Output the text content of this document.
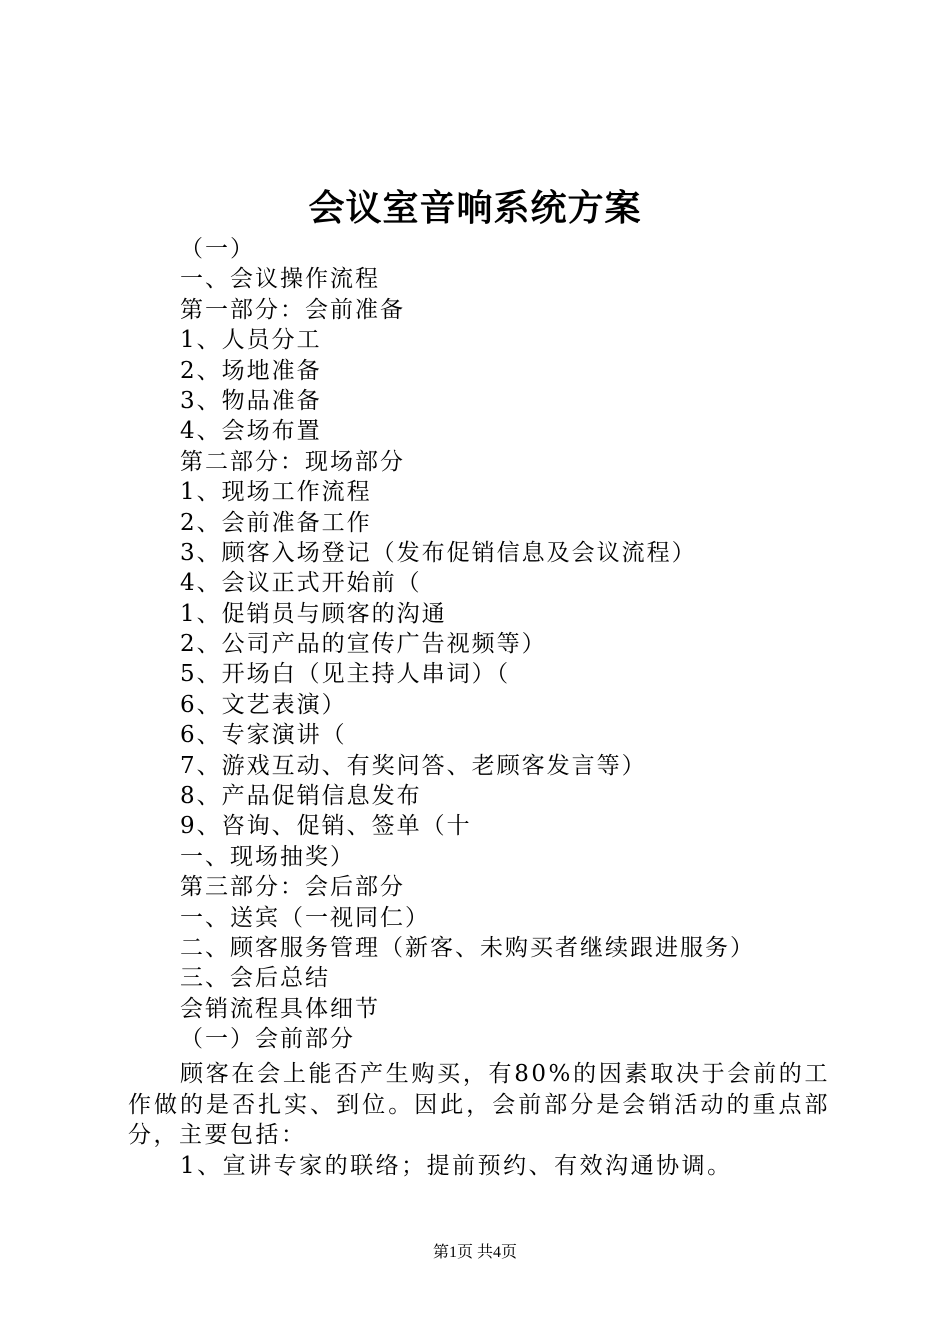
会议室音响系统方案
（一）
一、会议操作流程
第一部分：会前准备
1、人员分工
2、场地准备
3、物品准备
4、会场布置
第二部分：现场部分
1、现场工作流程
2、会前准备工作
3、顾客入场登记（发布促销信息及会议流程）
4、会议正式开始前（
1、促销员与顾客的沟通
2、公司产品的宣传广告视频等）
5、开场白（见主持人串词）（
6、文艺表演）
6、专家演讲（
7、游戏互动、有奖问答、老顾客发言等）
8、产品促销信息发布
9、咨询、促销、签单（十
一、现场抽奖）
第三部分：会后部分
一、送宾（一视同仁）
二、顾客服务管理（新客、未购买者继续跟进服务）
三、会后总结
会销流程具体细节
（一）会前部分
顾客在会上能否产生购买，有80%的因素取决于会前的工作做的是否扎实、到位。因此，会前部分是会销活动的重点部分，主要包括：
1、宣讲专家的联络；提前预约、有效沟通协调。
第1页 共4页
